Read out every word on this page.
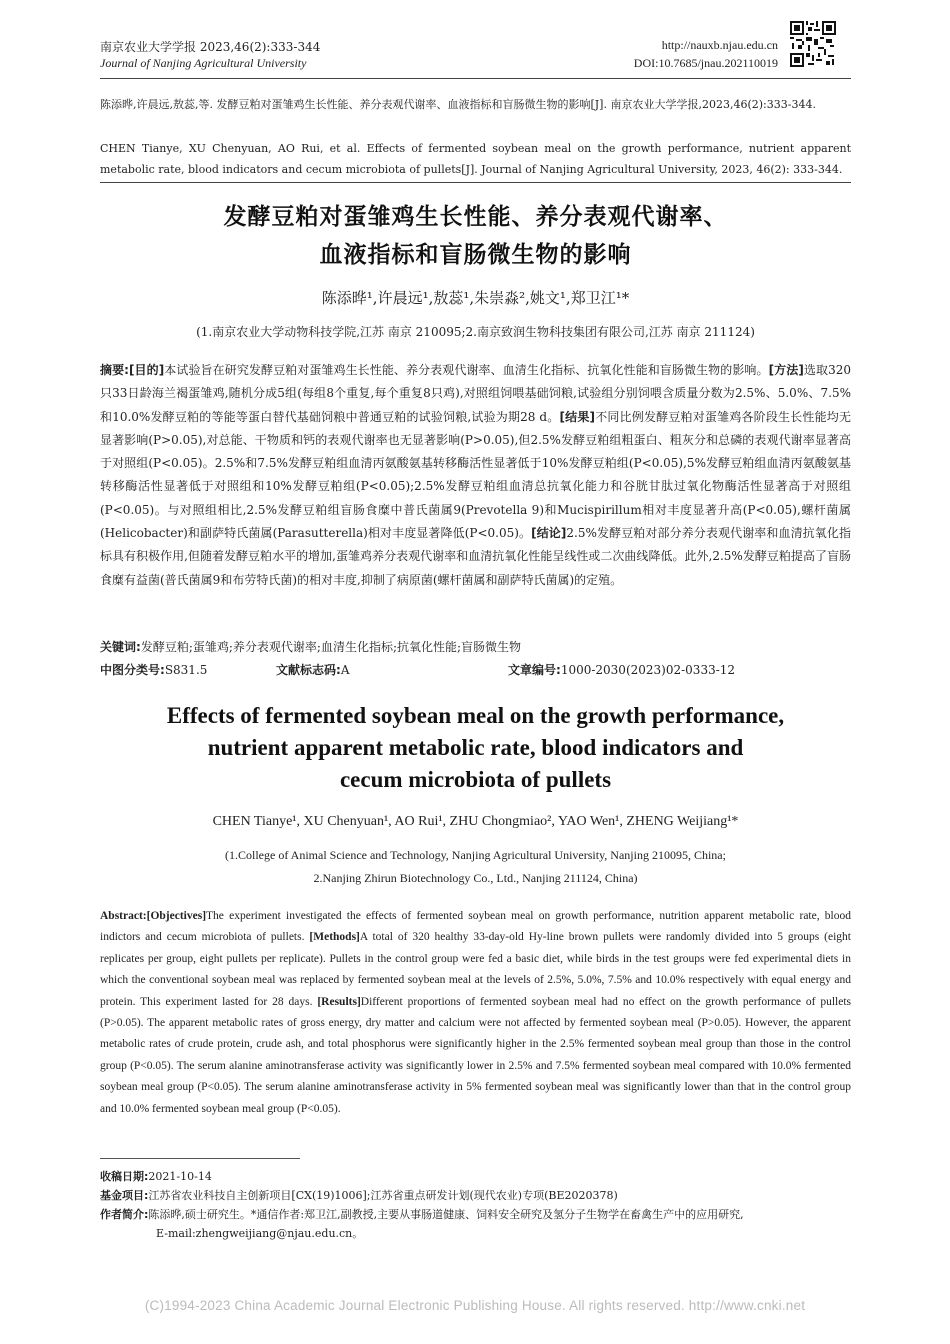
南京农业大学学报 2023,46(2):333-344
Journal of Nanjing Agricultural University
http://nauxb.njau.edu.cn
DOI:10.7685/jnau.202110019
陈添晔,许晨远,敖蕊,等. 发酵豆粕对蛋雏鸡生长性能、养分表观代谢率、血液指标和盲肠微生物的影响[J]. 南京农业大学学报,2023,46(2):333-344.
CHEN Tianye, XU Chenyuan, AO Rui, et al. Effects of fermented soybean meal on the growth performance, nutrient apparent metabolic rate, blood indicators and cecum microbiota of pullets[J]. Journal of Nanjing Agricultural University, 2023, 46(2): 333-344.
发酵豆粕对蛋雏鸡生长性能、养分表观代谢率、
血液指标和盲肠微生物的影响
陈添晔¹,许晨远¹,敖蕊¹,朱崇淼²,姚文¹,郑卫江¹*
(1.南京农业大学动物科技学院,江苏 南京 210095;2.南京致润生物科技集团有限公司,江苏 南京 211124)
摘要:[目的]本试验旨在研究发酵豆粕对蛋雏鸡生长性能、养分表观代谢率、血清生化指标、抗氧化性能和盲肠微生物的影响。[方法]选取320只33日龄海兰褐蛋雏鸡,随机分成5组(每组8个重复,每个重复8只鸡),对照组饲喂基础饲粮,试验组分别饲喂含质量分数为2.5%、5.0%、7.5%和10.0%发酵豆粕的等能等蛋白替代基础饲粮中普通豆粕的试验饲粮,试验为期28 d。[结果]不同比例发酵豆粕对蛋雏鸡各阶段生长性能均无显著影响(P>0.05),对总能、干物质和钙的表观代谢率也无显著影响(P>0.05),但2.5%发酵豆粕组粗蛋白、粗灰分和总磷的表观代谢率显著高于对照组(P<0.05)。2.5%和7.5%发酵豆粕组血清丙氨酸氨基转移酶活性显著低于10%发酵豆粕组(P<0.05),5%发酵豆粕组血清丙氨酸氨基转移酶活性显著低于对照组和10%发酵豆粕组(P<0.05);2.5%发酵豆粕组血清总抗氧化能力和谷胱甘肽过氧化物酶活性显著高于对照组(P<0.05)。与对照组相比,2.5%发酵豆粕组盲肠食糜中普氏菌属9(Prevotella 9)和Mucispirillum相对丰度显著升高(P<0.05),螺杆菌属(Helicobacter)和副萨特氏菌属(Parasutterella)相对丰度显著降低(P<0.05)。[结论]2.5%发酵豆粕对部分养分表观代谢率和血清抗氧化指标具有积极作用,但随着发酵豆粕水平的增加,蛋雏鸡养分表观代谢率和血清抗氧化性能呈线性或二次曲线降低。此外,2.5%发酵豆粕提高了盲肠食糜有益菌(普氏菌属9和布劳特氏菌)的相对丰度,抑制了病原菌(螺杆菌属和副萨特氏菌属)的定殖。
关键词:发酵豆粕;蛋雏鸡;养分表观代谢率;血清生化指标;抗氧化性能;盲肠微生物
中图分类号:S831.5	文献标志码:A	文章编号:1000-2030(2023)02-0333-12
Effects of fermented soybean meal on the growth performance,
nutrient apparent metabolic rate, blood indicators and
cecum microbiota of pullets
CHEN Tianye¹, XU Chenyuan¹, AO Rui¹, ZHU Chongmiao², YAO Wen¹, ZHENG Weijiang¹*
(1.College of Animal Science and Technology, Nanjing Agricultural University, Nanjing 210095, China;
2.Nanjing Zhirun Biotechnology Co., Ltd., Nanjing 211124, China)
Abstract:[Objectives]The experiment investigated the effects of fermented soybean meal on growth performance, nutrition apparent metabolic rate, blood indictors and cecum microbiota of pullets. [Methods]A total of 320 healthy 33-day-old Hy-line brown pullets were randomly divided into 5 groups (eight replicates per group, eight pullets per replicate). Pullets in the control group were fed a basic diet, while birds in the test groups were fed experimental diets in which the conventional soybean meal was replaced by fermented soybean meal at the levels of 2.5%, 5.0%, 7.5% and 10.0% respectively with equal energy and protein. This experiment lasted for 28 days. [Results]Different proportions of fermented soybean meal had no effect on the growth performance of pullets (P>0.05). The apparent metabolic rates of gross energy, dry matter and calcium were not affected by fermented soybean meal (P>0.05). However, the apparent metabolic rates of crude protein, crude ash, and total phosphorus were significantly higher in the 2.5% fermented soybean meal group than those in the control group (P<0.05). The serum alanine aminotransferase activity was significantly lower in 2.5% and 7.5% fermented soybean meal compared with 10.0% fermented soybean meal group (P<0.05). The serum alanine aminotransferase activity in 5% fermented soybean meal was significantly lower than that in the control group and 10.0% fermented soybean meal group (P<0.05).
收稿日期:2021-10-14
基金项目:江苏省农业科技自主创新项目[CX(19)1006];江苏省重点研发计划(现代农业)专项(BE2020378)
作者简介:陈添晔,硕士研究生。*通信作者:郑卫江,副教授,主要从事肠道健康、饲料安全研究及氢分子生物学在畜禽生产中的应用研究,
E-mail:zhengweijiang@njau.edu.cn。
(C)1994-2023 China Academic Journal Electronic Publishing House. All rights reserved. http://www.cnki.net
